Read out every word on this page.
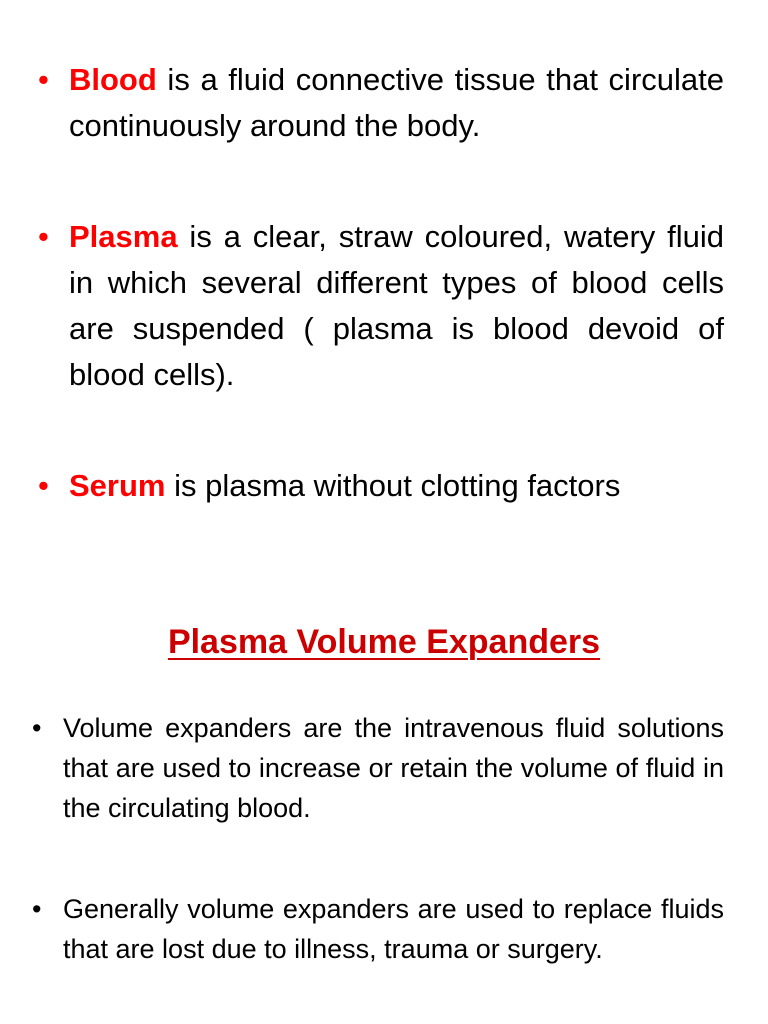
• Blood is a fluid connective tissue that circulate continuously around the body.
• Plasma is a clear, straw coloured, watery fluid in which several different types of blood cells are suspended ( plasma is blood devoid of blood cells).
• Serum is plasma without clotting factors
Plasma Volume Expanders
• Volume expanders are the intravenous fluid solutions that are used to increase or retain the volume of fluid in the circulating blood.
• Generally volume expanders are used to replace fluids that are lost due to illness, trauma or surgery.
